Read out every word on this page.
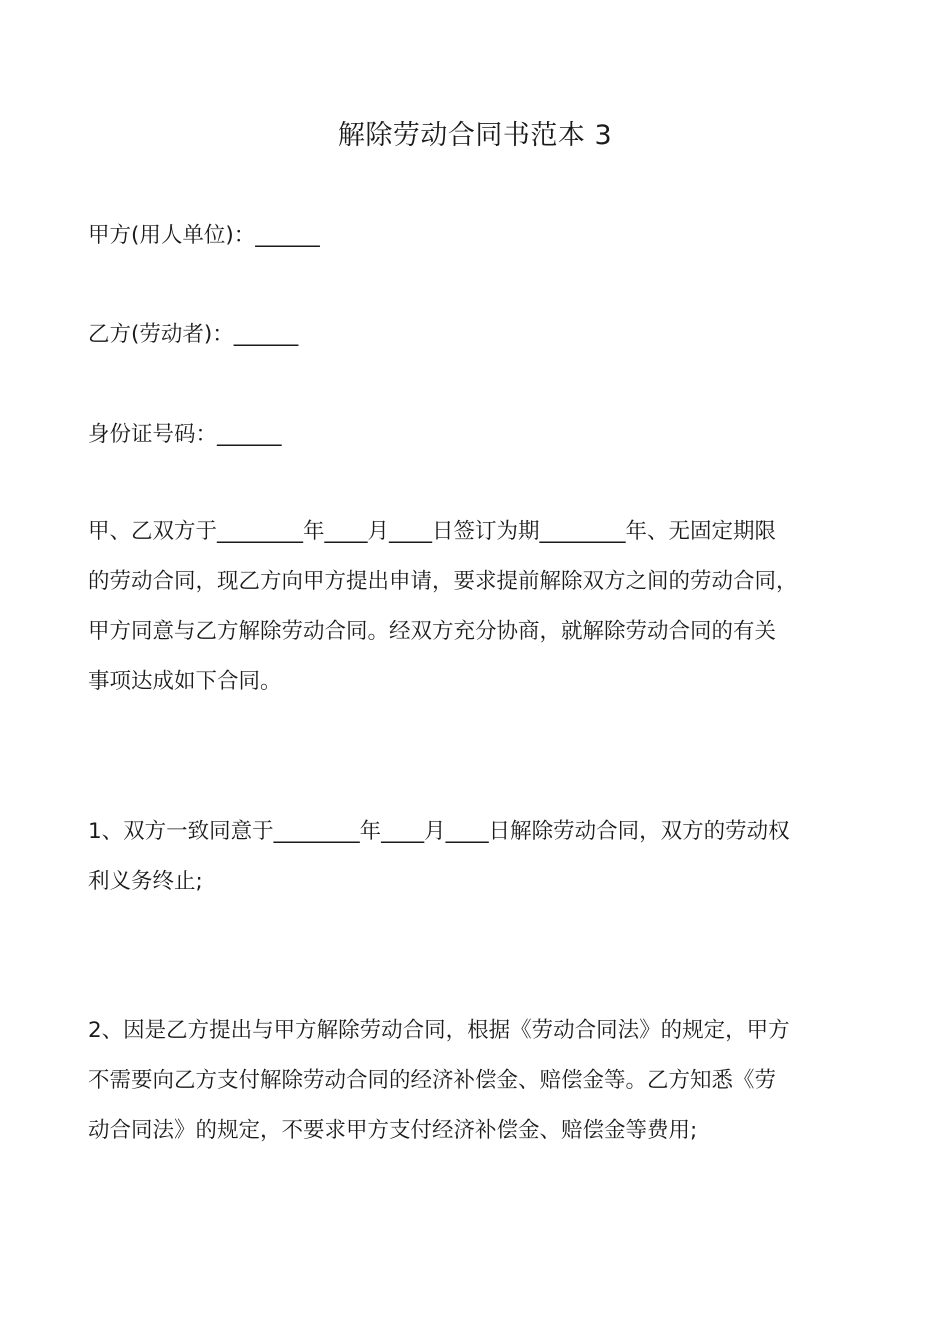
解除劳动合同书范本 3
甲方(用人单位)：______
乙方(劳动者)：______
身份证号码：______
甲、乙双方于________年____月____日签订为期________年、无固定期限
的劳动合同，现乙方向甲方提出申请，要求提前解除双方之间的劳动合同，
甲方同意与乙方解除劳动合同。经双方充分协商，就解除劳动合同的有关
事项达成如下合同。
1、双方一致同意于________年____月____日解除劳动合同，双方的劳动权
利义务终止;
2、因是乙方提出与甲方解除劳动合同，根据《劳动合同法》的规定，甲方
不需要向乙方支付解除劳动合同的经济补偿金、赔偿金等。乙方知悉《劳
动合同法》的规定，不要求甲方支付经济补偿金、赔偿金等费用;
